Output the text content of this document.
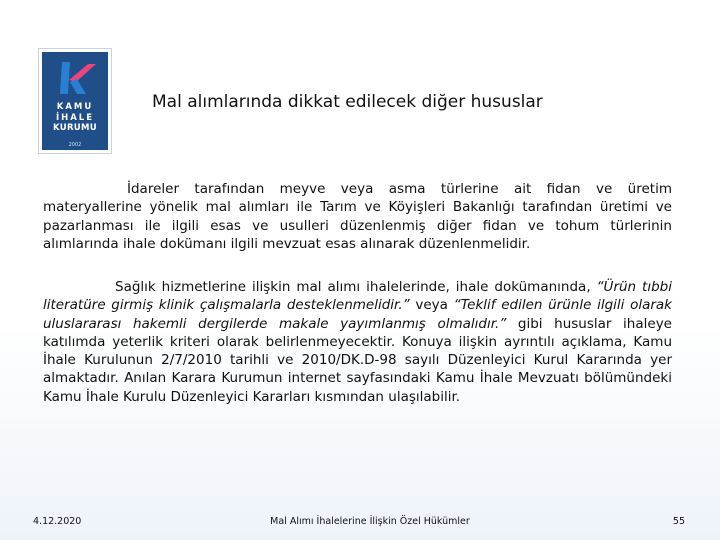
KAMU
İHALE
KURUMU
2002
Mal alımlarında dikkat edilecek diğer hususlar
İdareler tarafından meyve veya asma türlerine ait fidan ve üretim materyallerine yönelik mal alımları ile Tarım ve Köyişleri Bakanlığı tarafından üretimi ve pazarlanması ile ilgili esas ve usulleri düzenlenmiş diğer fidan ve tohum türlerinin alımlarında ihale dokümanı ilgili mevzuat esas alınarak düzenlenmelidir.
Sağlık hizmetlerine ilişkin mal alımı ihalelerinde, ihale dokümanında, “Ürün tıbbi literatüre girmiş klinik çalışmalarla desteklenmelidir.” veya “Teklif edilen ürünle ilgili olarak uluslararası hakemli dergilerde makale yayımlanmış olmalıdır.” gibi hususlar ihaleye katılımda yeterlik kriteri olarak belirlenmeyecektir. Konuya ilişkin ayrıntılı açıklama, Kamu İhale Kurulunun 2/7/2010 tarihli ve 2010/DK.D-98 sayılı Düzenleyici Kurul Kararında yer almaktadır. Anılan Karara Kurumun internet sayfasındaki Kamu İhale Mevzuatı bölümündeki Kamu İhale Kurulu Düzenleyici Kararları kısmından ulaşılabilir.
4.12.2020	Mal Alımı İhalelerine İlişkin Özel Hükümler	55
